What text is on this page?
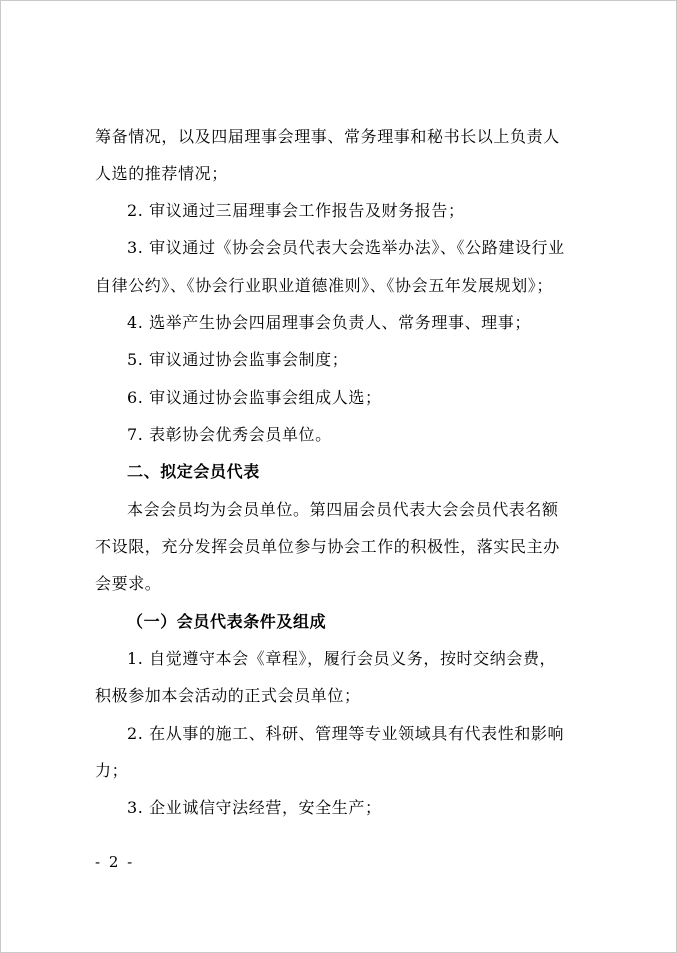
筹备情况，以及四届理事会理事、常务理事和秘书长以上负责人
人选的推荐情况；
2. 审议通过三届理事会工作报告及财务报告；
3. 审议通过《协会会员代表大会选举办法》、《公路建设行业
自律公约》、《协会行业职业道德准则》、《协会五年发展规划》；
4. 选举产生协会四届理事会负责人、常务理事、理事；
5. 审议通过协会监事会制度；
6. 审议通过协会监事会组成人选；
7. 表彰协会优秀会员单位。
二、拟定会员代表
本会会员均为会员单位。第四届会员代表大会会员代表名额
不设限，充分发挥会员单位参与协会工作的积极性，落实民主办
会要求。
（一）会员代表条件及组成
1. 自觉遵守本会《章程》，履行会员义务，按时交纳会费，
积极参加本会活动的正式会员单位；
2. 在从事的施工、科研、管理等专业领域具有代表性和影响
力；
3. 企业诚信守法经营，安全生产；
- 2 -
